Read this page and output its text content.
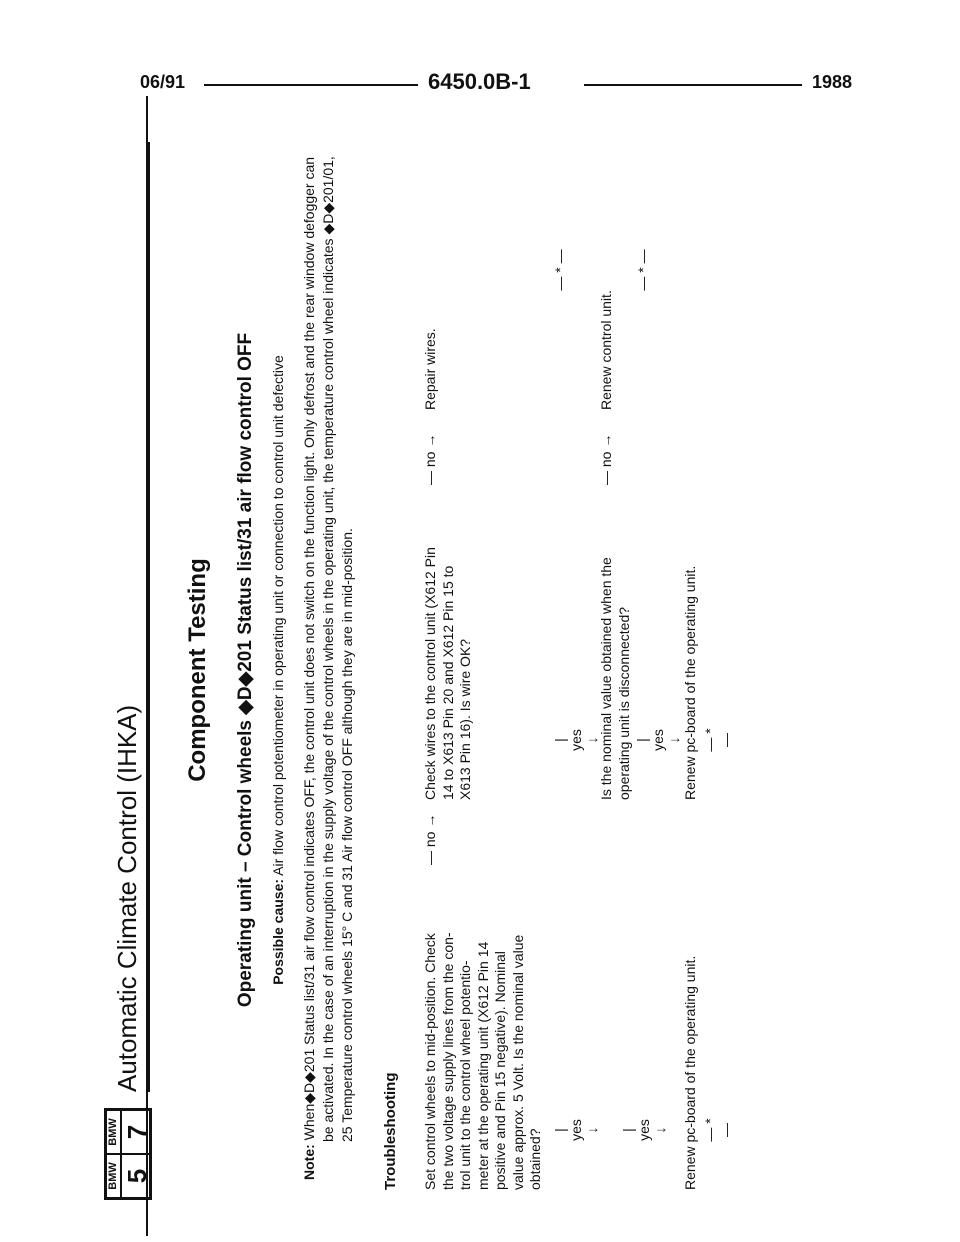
06/91	6450.0B-1	1988
BMW 5
BMW 7
Automatic Climate Control (IHKA)
Component Testing Operating unit – Control wheels ◆D◆201 Status list/31 air flow control OFF Possible cause: Air flow control potentiometer in operating unit or connection to control unit defective

Note: When◆D◆201 Status list/31 air flow control indicates OFF, the control unit does not switch on the function light. Only defrost and the rear window defogger can be activated. In the case of an interruption in the supply voltage of the control wheels in the operating unit, the temperature control wheel indicates ◆D◆201/01, 25 Temperature control wheels 15° C and 31 Air flow control OFF although they are in mid-position. Troubleshooting Set control wheels to mid-position. Check the two voltage supply lines from the con- trol unit to the control wheel potentio- meter at the operating unit (X612 Pin 14 positive and Pin 15 negative). Nominal value approx. 5 Volt. Is the nominal value obtained?
— no →
Check wires to the control unit (X612 Pin 14 to X613 Pin 20 and X612 Pin 15 to X613 Pin 16). Is wire OK?
— no →
Repair wires.
| yes ↓ | yes ↓ Renew pc-board of the operating unit. — * —
| yes ↓
Is the nominal value obtained when the operating unit is disconnected?
— no →
Renew control unit.
| yes ↓ Renew pc-board of the operating unit. — * —
— * —	— * —
